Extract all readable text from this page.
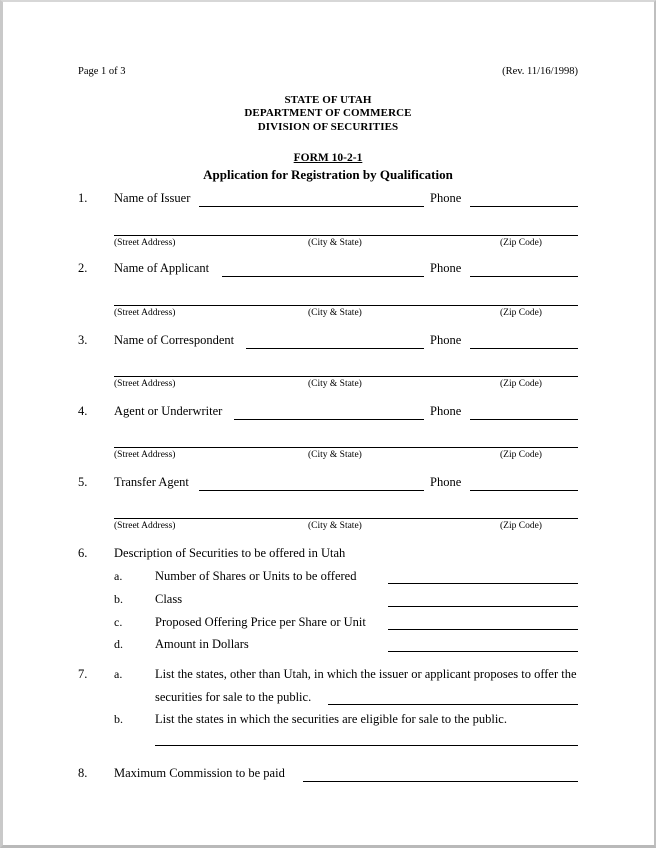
Page 1 of 3	(Rev. 11/16/1998)
STATE OF UTAH
DEPARTMENT OF COMMERCE
DIVISION OF SECURITIES
FORM 10-2-1
Application for Registration by Qualification
1. Name of Issuer	Phone
(Street Address)	(City & State)	(Zip Code)
2. Name of Applicant	Phone
(Street Address)	(City & State)	(Zip Code)
3. Name of Correspondent	Phone
(Street Address)	(City & State)	(Zip Code)
4. Agent or Underwriter	Phone
(Street Address)	(City & State)	(Zip Code)
5. Transfer Agent	Phone
(Street Address)	(City & State)	(Zip Code)
6. Description of Securities to be offered in Utah
a.	Number of Shares or Units to be offered
b.	Class
c.	Proposed Offering Price per Share or Unit
d.	Amount in Dollars
7. a.	List the states, other than Utah, in which the issuer or applicant proposes to offer the
securities for sale to the public.
b.	List the states in which the securities are eligible for sale to the public.
8. Maximum Commission to be paid
